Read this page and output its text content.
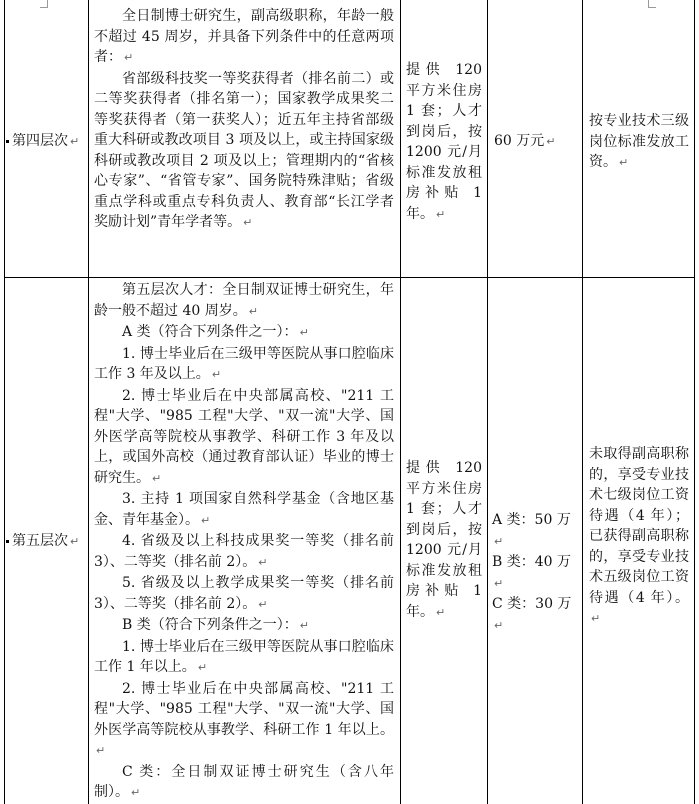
第四层次 ↵

全日制博士研究生，副高级职称，年龄一般不超过 45 周岁，并具备下列条件中的任意两项者： ↵

省部级科技奖一等奖获得者（排名前二）或二等奖获得者（排名第一）；国家教学成果奖二等奖获得者（第一获奖人）；近五年主持省部级重大科研或教改项目 3 项及以上，或主持国家级科研或教改项目 2 项及以上；管理期内的“省核心专家”、“省管专家”、国务院特殊津贴；省级重点学科或重点专科负责人、教育部“长江学者奖励计划”青年学者等。 ↵

提供 120 平方米住房 1 套；人才到岗后，按 1200 元/月标准发放租房补贴 1 年。 ↵
60 万元 ↵
按专业技术三级岗位标准发放工资。 ↵
第五层次 ↵

第五层次人才：全日制双证博士研究生，年龄一般不超过 40 周岁。 ↵

A 类（符合下列条件之一）： ↵

1. 博士毕业后在三级甲等医院从事口腔临床工作 3 年及以上。 ↵

2. 博士毕业后在中央部属高校、"211 工程"大学、"985 工程"大学、"双一流"大学、国外医学高等院校从事教学、科研工作 3 年及以上，或国外高校（通过教育部认证）毕业的博士研究生。 ↵

3. 主持 1 项国家自然科学基金（含地区基金、青年基金）。 ↵

4. 省级及以上科技成果奖一等奖（排名前 3）、二等奖（排名前 2）。 ↵

5. 省级及以上教学成果奖一等奖（排名前 3）、二等奖（排名前 2）。 ↵

B 类（符合下列条件之一）： ↵

1. 博士毕业后在三级甲等医院从事口腔临床工作 1 年以上。 ↵

2. 博士毕业后在中央部属高校、"211 工程"大学、"985 工程"大学、"双一流"大学、国外医学高等院校从事教学、科研工作 1 年以上。↵

C 类：全日制双证博士研究生（含八年制）。 ↵

提供 120 平方米住房 1 套；人才到岗后，按 1200 元/月标准发放租房补贴 1 年。 ↵
A 类：50 万↵
B 类：40 万↵
C 类：30 万↵
未取得副高职称的，享受专业技术七级岗位工资待遇（4 年）；已获得副高职称的，享受专业技术五级岗位工资待遇（4 年）。↵
